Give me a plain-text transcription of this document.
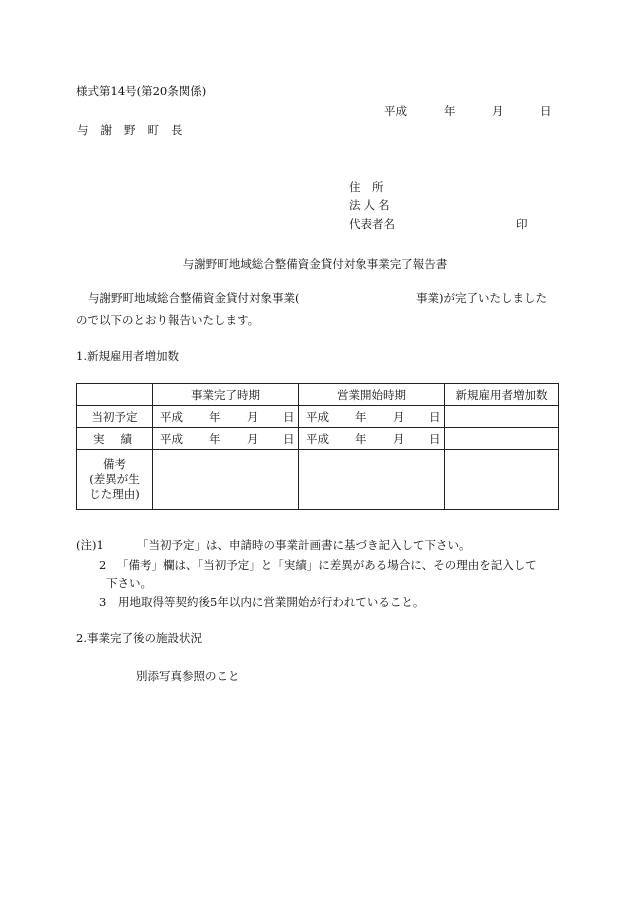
様式第14号(第20条関係)
平成	年	月	日
与謝野町長
住　所
法人名
代表者名	印
与謝野町地域総合整備資金貸付対象事業完了報告書
与謝野町地域総合整備資金貸付対象事業(	事業)が完了いたしました
ので以下のとおり報告いたします。
1.新規雇用者増加数
	事業完了時期	営業開始時期	新規雇用者増加数
当初予定	平成 年 月 日	平成 年 月 日	

実績	平成 年 月 日	平成 年 月 日	

備考
(差異が生
じた理由)			

(注)1	「当初予定」は、申請時の事業計画書に基づき記入して下さい。
2 「備考」欄は、「当初予定」と「実績」に差異がある場合に、その理由を記入して
下さい。
3 用地取得等契約後5年以内に営業開始が行われていること。
2.事業完了後の施設状況
別添写真参照のこと
